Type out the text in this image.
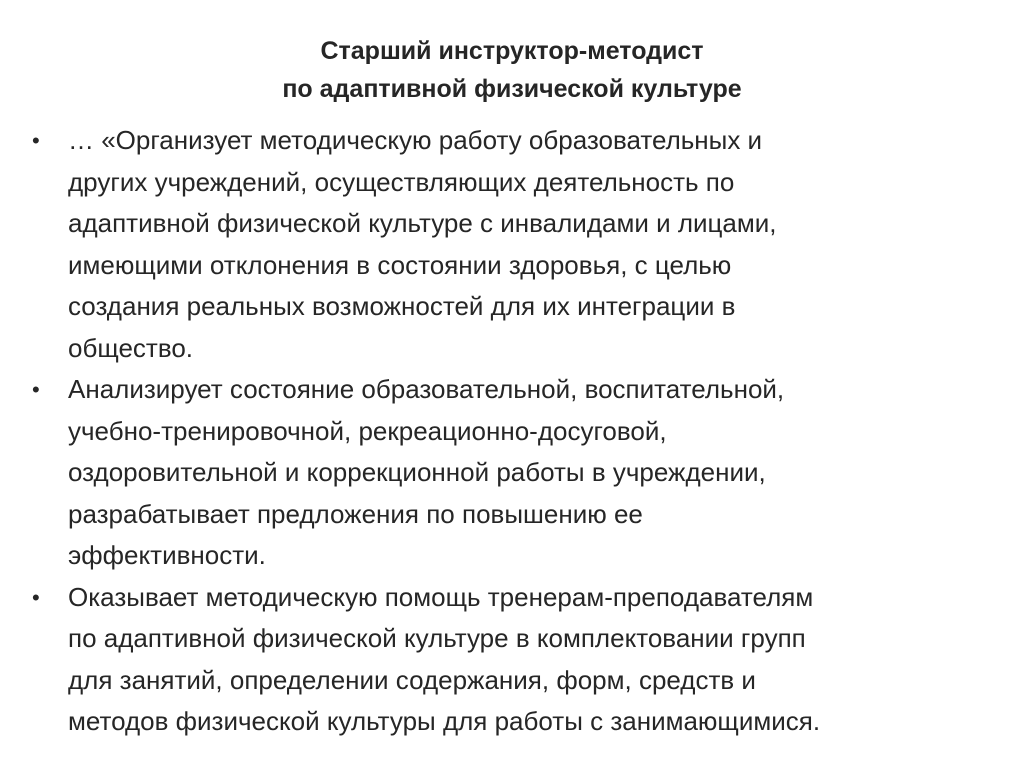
Старший инструктор-методист
по адаптивной физической культуре
• … «Организует методическую работу образовательных и
других учреждений, осуществляющих деятельность по
адаптивной физической культуре с инвалидами и лицами,
имеющими отклонения в состоянии здоровья, с целью
создания реальных возможностей для их интеграции в
общество.
• Анализирует состояние образовательной, воспитательной,
учебно-тренировочной, рекреационно-досуговой,
оздоровительной и коррекционной работы в учреждении,
разрабатывает предложения по повышению ее
эффективности.
• Оказывает методическую помощь тренерам-преподавателям
по адаптивной физической культуре в комплектовании групп
для занятий, определении содержания, форм, средств и
методов физической культуры для работы с занимающимися.
